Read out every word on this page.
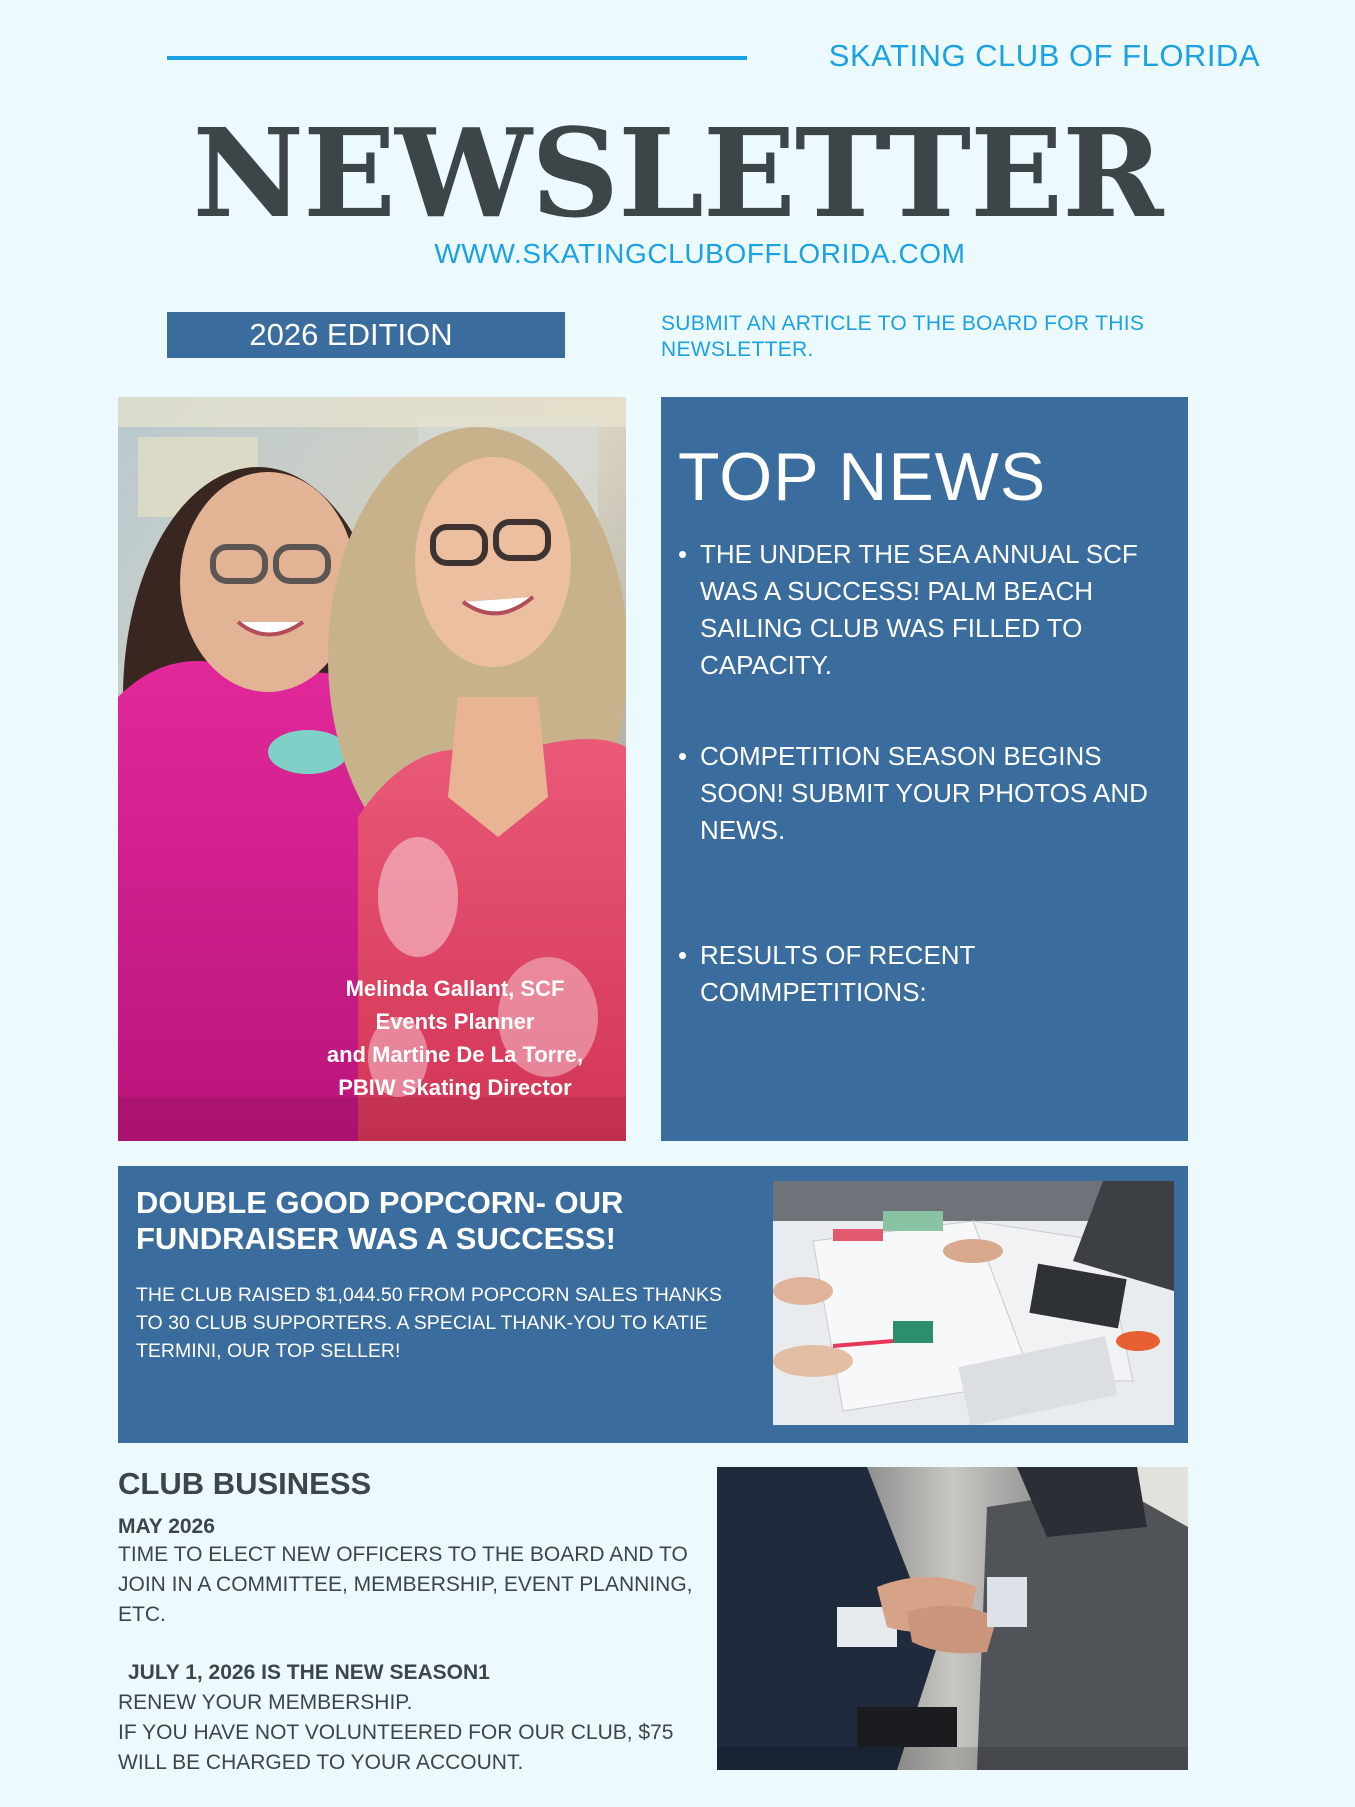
SKATING CLUB OF FLORIDA
NEWSLETTER
WWW.SKATINGCLUBOFFLORIDA.COM
2026 EDITION	SUBMIT AN ARTICLE TO THE BOARD FOR THIS NEWSLETTER.
Melinda Gallant, SCF
Events Planner
and Martine De La Torre,
PBIW Skating Director
TOP NEWS
• THE UNDER THE SEA ANNUAL SCF WAS A SUCCESS! PALM BEACH SAILING CLUB WAS FILLED TO CAPACITY.
• COMPETITION SEASON BEGINS SOON! SUBMIT YOUR PHOTOS AND NEWS.
• RESULTS OF RECENT COMMPETITIONS:
DOUBLE GOOD POPCORN- OUR FUNDRAISER WAS A SUCCESS!
THE CLUB RAISED $1,044.50 FROM POPCORN SALES THANKS TO 30 CLUB SUPPORTERS. A SPECIAL THANK-YOU TO KATIE TERMINI, OUR TOP SELLER!
CLUB BUSINESS
MAY 2026
TIME TO ELECT NEW OFFICERS TO THE BOARD AND TO JOIN IN A COMMITTEE, MEMBERSHIP, EVENT PLANNING, ETC.
JULY 1, 2026 IS THE NEW SEASON1
RENEW YOUR MEMBERSHIP.
IF YOU HAVE NOT VOLUNTEERED FOR OUR CLUB, $75 WILL BE CHARGED TO YOUR ACCOUNT.
